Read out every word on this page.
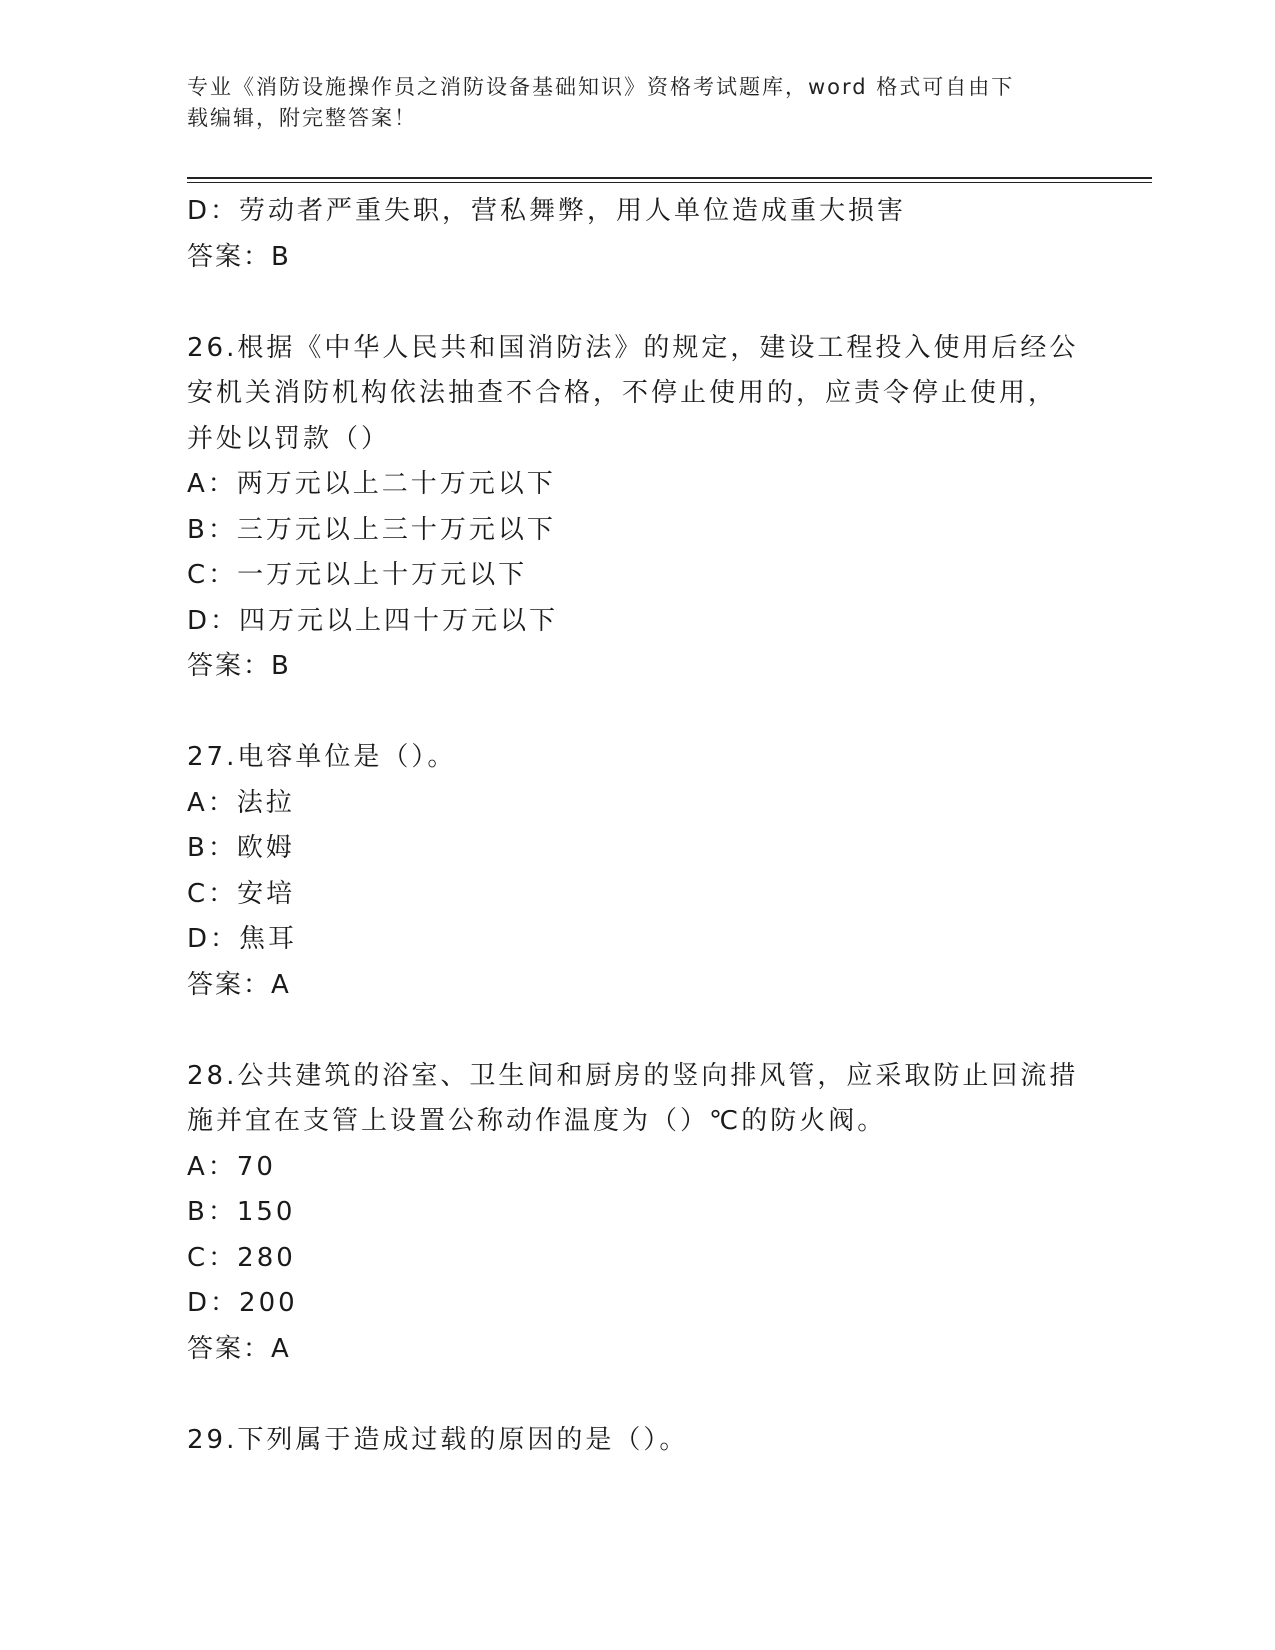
专业《消防设施操作员之消防设备基础知识》资格考试题库，word 格式可自由下
载编辑，附完整答案！
D：劳动者严重失职，营私舞弊，用人单位造成重大损害
答案：B
26.根据《中华人民共和国消防法》的规定，建设工程投入使用后经公
安机关消防机构依法抽查不合格，不停止使用的，应责令停止使用，
并处以罚款（）
A：两万元以上二十万元以下
B：三万元以上三十万元以下
C：一万元以上十万元以下
D：四万元以上四十万元以下
答案：B
27.电容单位是（）。
A：法拉
B：欧姆
C：安培
D：焦耳
答案：A
28.公共建筑的浴室、卫生间和厨房的竖向排风管，应采取防止回流措
施并宜在支管上设置公称动作温度为（）℃的防火阀。
A：70
B：150
C：280
D：200
答案：A
29.下列属于造成过载的原因的是（）。
